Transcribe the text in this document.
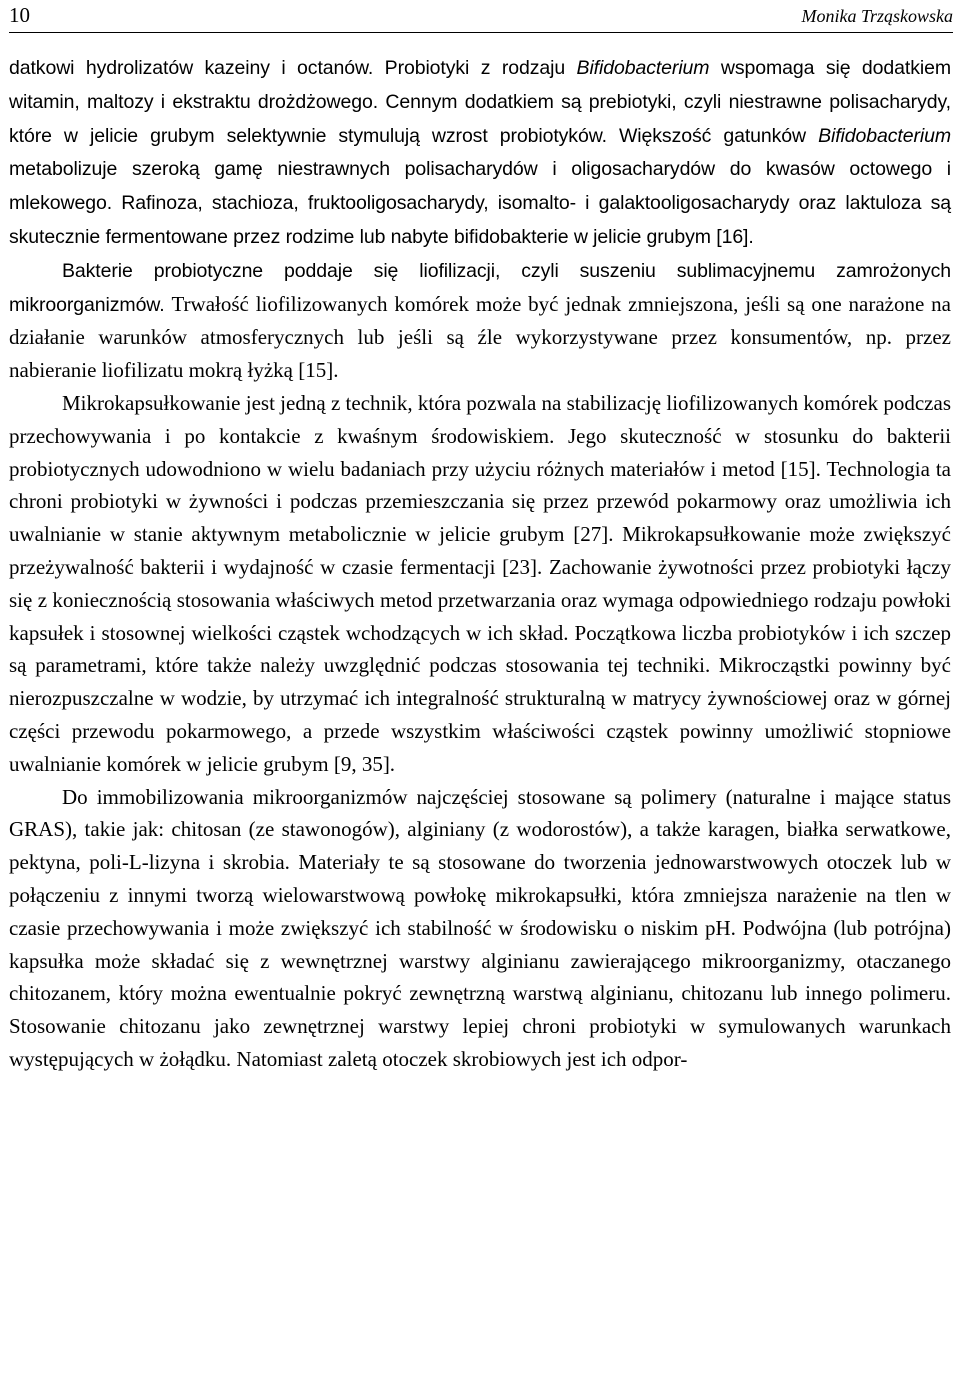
10	Monika Trząskowska

datkowi hydrolizatów kazeiny i octanów. Probiotyki z rodzaju Bifidobacterium wspomaga się dodatkiem witamin, maltozy i ekstraktu drożdżowego. Cennym dodatkiem są prebiotyki, czyli niestrawne polisacharydy, które w jelicie grubym selektywnie stymulują wzrost probiotyków. Większość gatunków Bifidobacterium metabolizuje szeroką gamę niestrawnych polisacharydów i oligosacharydów do kwasów octowego i mlekowego. Rafinoza, stachioza, fruktooligosacharydy, isomalto- i galaktooligosacharydy oraz laktuloza są skutecznie fermentowane przez rodzime lub nabyte bifidobakterie w jelicie grubym [16].

Bakterie probiotyczne poddaje się liofilizacji, czyli suszeniu sublimacyjnemu zamrożonych mikroorganizmów. Trwałość liofilizowanych komórek może być jednak zmniejszona, jeśli są one narażone na działanie warunków atmosferycznych lub jeśli są źle wykorzystywane przez konsumentów, np. przez nabieranie liofilizatu mokrą łyżką [15].

Mikrokapsułkowanie jest jedną z technik, która pozwala na stabilizację liofilizowanych komórek podczas przechowywania i po kontakcie z kwaśnym środowiskiem. Jego skuteczność w stosunku do bakterii probiotycznych udowodniono w wielu badaniach przy użyciu różnych materiałów i metod [15]. Technologia ta chroni probiotyki w żywności i podczas przemieszczania się przez przewód pokarmowy oraz umożliwia ich uwalnianie w stanie aktywnym metabolicznie w jelicie grubym [27]. Mikrokapsułkowanie może zwiększyć przeżywalność bakterii i wydajność w czasie fermentacji [23]. Zachowanie żywotności przez probiotyki łączy się z koniecznością stosowania właściwych metod przetwarzania oraz wymaga odpowiedniego rodzaju powłoki kapsułek i stosownej wielkości cząstek wchodzących w ich skład. Początkowa liczba probiotyków i ich szczep są parametrami, które także należy uwzględnić podczas stosowania tej techniki. Mikrocząstki powinny być nierozpuszczalne w wodzie, by utrzymać ich integralność strukturalną w matrycy żywnościowej oraz w górnej części przewodu pokarmowego, a przede wszystkim właściwości cząstek powinny umożliwić stopniowe uwalnianie komórek w jelicie grubym [9, 35].

Do immobilizowania mikroorganizmów najczęściej stosowane są polimery (naturalne i mające status GRAS), takie jak: chitosan (ze stawonogów), alginiany (z wodorostów), a także karagen, białka serwatkowe, pektyna, poli-L-lizyna i skrobia. Materiały te są stosowane do tworzenia jednowarstwowych otoczek lub w połączeniu z innymi tworzą wielowarstwową powłokę mikrokapsułki, która zmniejsza narażenie na tlen w czasie przechowywania i może zwiększyć ich stabilność w środowisku o niskim pH. Podwójna (lub potrójna) kapsułka może składać się z wewnętrznej warstwy alginianu zawierającego mikroorganizmy, otaczanego chitozanem, który można ewentualnie pokryć zewnętrzną warstwą alginianu, chitozanu lub innego polimeru. Stosowanie chitozanu jako zewnętrznej warstwy lepiej chroni probiotyki w symulowanych warunkach występujących w żołądku. Natomiast zaletą otoczek skrobiowych jest ich odpor-
